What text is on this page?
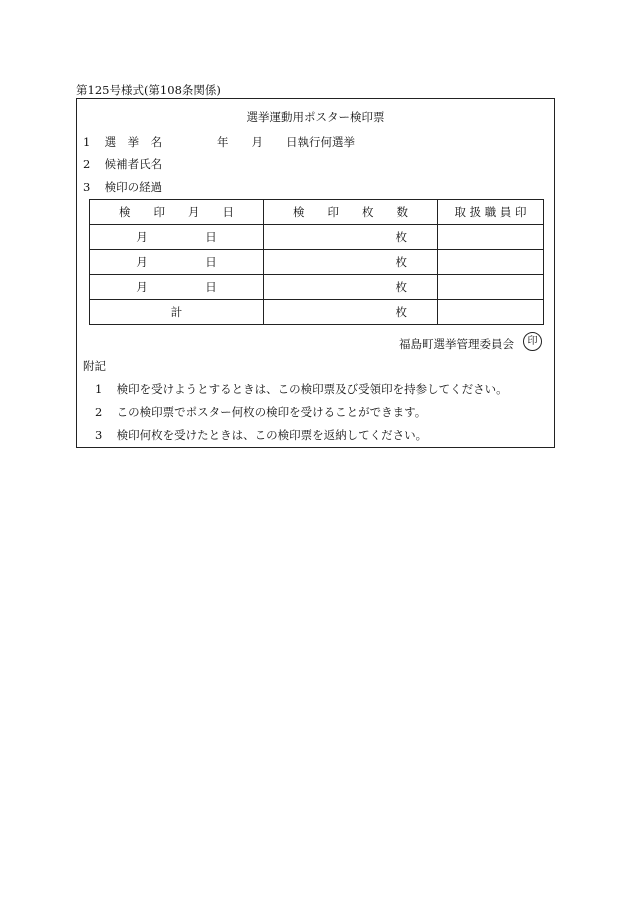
第125号様式(第108条関係)
選挙運動用ポスター検印票
1 選　挙　名	年　　月　　日執行何選挙
2 候補者氏名
3 検印の経過
検　　印　　月　　日	検　　印　　枚　　数	取 扱 職 員 印
月　　　　　日	枚	
月　　　　　日	枚	
月　　　　　日	枚	
計	枚	
福島町選挙管理委員会	印
附記
1 検印を受けようとするときは、この検印票及び受領印を持参してください。
2 この検印票でポスター何枚の検印を受けることができます。
3 検印何枚を受けたときは、この検印票を返納してください。
